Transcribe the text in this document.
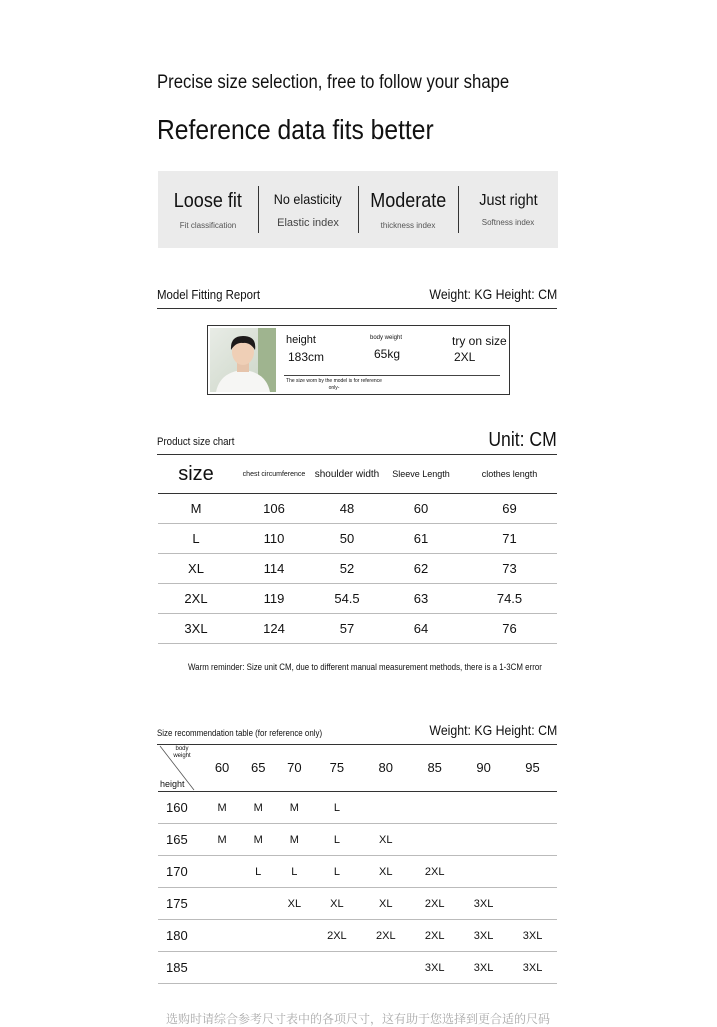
Precise size selection, free to follow your shape
Reference data fits better
Loose fit
Fit classification
No elasticity
Elastic index
Moderate
thickness index
Just right
Softness index
Model Fitting Report	Weight: KG Height: CM
height
183cm
body weight
65kg
try on size
2XL
The size worn by the model is for reference only-
Product size chart	Unit: CM
size	chest circumference	shoulder width	Sleeve Length	clothes length
M	106	48	60	69
L	110	50	61	71
XL	114	52	62	73
2XL	119	54.5	63	74.5
3XL	124	57	64	76
Warm reminder: Size unit CM, due to different manual measurement methods, there is a 1-3CM error
Size recommendation table (for reference only)	Weight: KG Height: CM
body weight
height	60	65	70	75	80	85	90	95
160	M	M	M	L				
165	M	M	M	L	XL			
170		L	L	L	XL	2XL		
175			XL	XL	XL	2XL	3XL	
180				2XL	2XL	2XL	3XL	3XL
185						3XL	3XL	3XL
选购时请综合参考尺寸表中的各项尺寸，这有助于您选择到更合适的尺码
